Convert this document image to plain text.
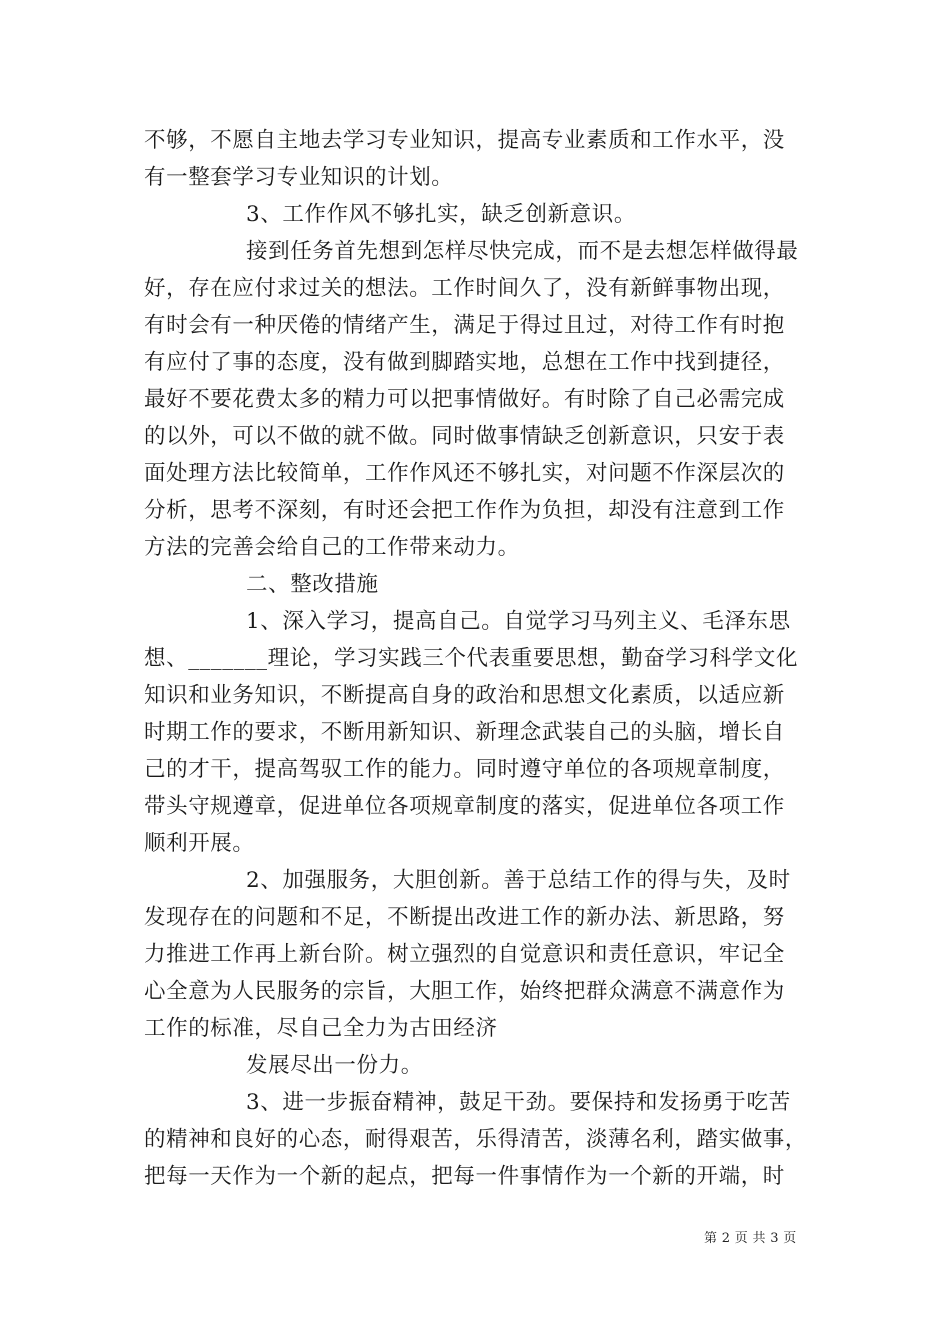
不够，不愿自主地去学习专业知识，提高专业素质和工作水平，没
有一整套学习专业知识的计划。

3、工作作风不够扎实，缺乏创新意识。

接到任务首先想到怎样尽快完成，而不是去想怎样做得最
好，存在应付求过关的想法。工作时间久了，没有新鲜事物出现，
有时会有一种厌倦的情绪产生，满足于得过且过，对待工作有时抱
有应付了事的态度，没有做到脚踏实地，总想在工作中找到捷径，
最好不要花费太多的精力可以把事情做好。有时除了自己必需完成
的以外，可以不做的就不做。同时做事情缺乏创新意识，只安于表
面处理方法比较简单，工作作风还不够扎实，对问题不作深层次的
分析，思考不深刻，有时还会把工作作为负担，却没有注意到工作
方法的完善会给自己的工作带来动力。

二、整改措施

1、深入学习，提高自己。自觉学习马列主义、毛泽东思
想、_______理论，学习实践三个代表重要思想，勤奋学习科学文化
知识和业务知识，不断提高自身的政治和思想文化素质，以适应新
时期工作的要求，不断用新知识、新理念武装自己的头脑，增长自
己的才干，提高驾驭工作的能力。同时遵守单位的各项规章制度，
带头守规遵章，促进单位各项规章制度的落实，促进单位各项工作
顺利开展。

2、加强服务，大胆创新。善于总结工作的得与失，及时
发现存在的问题和不足，不断提出改进工作的新办法、新思路，努
力推进工作再上新台阶。树立强烈的自觉意识和责任意识，牢记全
心全意为人民服务的宗旨，大胆工作，始终把群众满意不满意作为
工作的标准，尽自己全力为古田经济

发展尽出一份力。

3、进一步振奋精神，鼓足干劲。要保持和发扬勇于吃苦
的精神和良好的心态，耐得艰苦，乐得清苦，淡薄名利，踏实做事，
把每一天作为一个新的起点，把每一件事情作为一个新的开端，时

第 2 页 共 3 页
